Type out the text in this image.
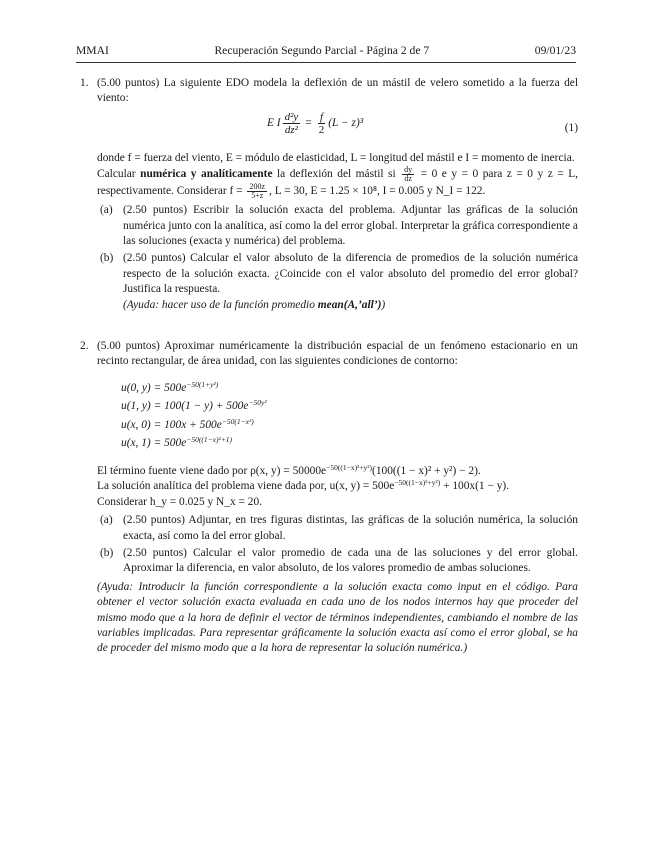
MMAI	Recuperación Segundo Parcial - Página 2 de 7	09/01/23
1. (5.00 puntos) La siguiente EDO modela la deflexión de un mástil de velero sometido a la fuerza del viento:

E I $\frac{\text{d²y}}{\text{dz²}} = \frac{f}{2} (L - z)^3$	(1)

donde f = fuerza del viento, E = módulo de elasticidad, L = longitud del mástil e I = momento de inercia.

Calcular numérica y analíticamente la deflexión del mástil si $\frac{dy}{dz} = 0$ e y = 0 para z = 0 y z = L, respectivamente. Considerar $f = \frac{200z}{5+z}$ , L = 30, E = 1.25 × 10⁸, I = 0.005 y N_I = 122.

(a) (2.50 puntos) Escribir la solución exacta del problema. Adjuntar las gráficas de la solución numérica junto con la analítica, así como la del error global. Interpretar la gráfica correspondiente a las soluciones (exacta y numérica) del problema.

(b) (2.50 puntos) Calcular el valor absoluto de la diferencia de promedios de la solución numérica respecto de la solución exacta. ¿Coincide con el valor absoluto del promedio del error global? Justifica la respuesta.

(Ayuda: hacer uso de la función promedio mean(A,’all’))

2. (5.00 puntos) Aproximar numéricamente la distribución espacial de un fenómeno estacionario en un recinto rectangular, de área unidad, con las siguientes condiciones de contorno:

u(0, $y) = 500e^{-50(1+y^2)}$
u(1, $y) = 100(1 - y) + 500e^{-50y^2}$
u(x, $0) = 100x + 500e^{-50(1-x^2)}$
u(x, $1) = 500e^{-50((1-x)^2+1)}$

El término fuente viene dado por ρ(x, $y) = 50000e^{-50((1-x)^2+y^2)}(100((1 - x)^2 + y^2) - 2)$.

La solución analítica del problema viene dada por, u(x, $y) = 500e^{-50((1-x)^2+y^2)} + 100x(1 - y)$.

Considerar h_y = 0.025 y N_x = 20.

(a) (2.50 puntos) Adjuntar, en tres figuras distintas, las gráficas de la solución numérica, la solución exacta, así como la del error global.

(b) (2.50 puntos) Calcular el valor promedio de cada una de las soluciones y del error global. Aproximar la diferencia, en valor absoluto, de los valores promedio de ambas soluciones.

(Ayuda: Introducir la función correspondiente a la solución exacta como input en el código. Para obtener el vector solución exacta evaluada en cada uno de los nodos internos hay que proceder del mismo modo que a la hora de definir el vector de términos independientes, cambiando el nombre de las variables implicadas. Para representar gráficamente la solución exacta así como el error global, se ha de proceder del mismo modo que a la hora de representar la solución numérica.)
